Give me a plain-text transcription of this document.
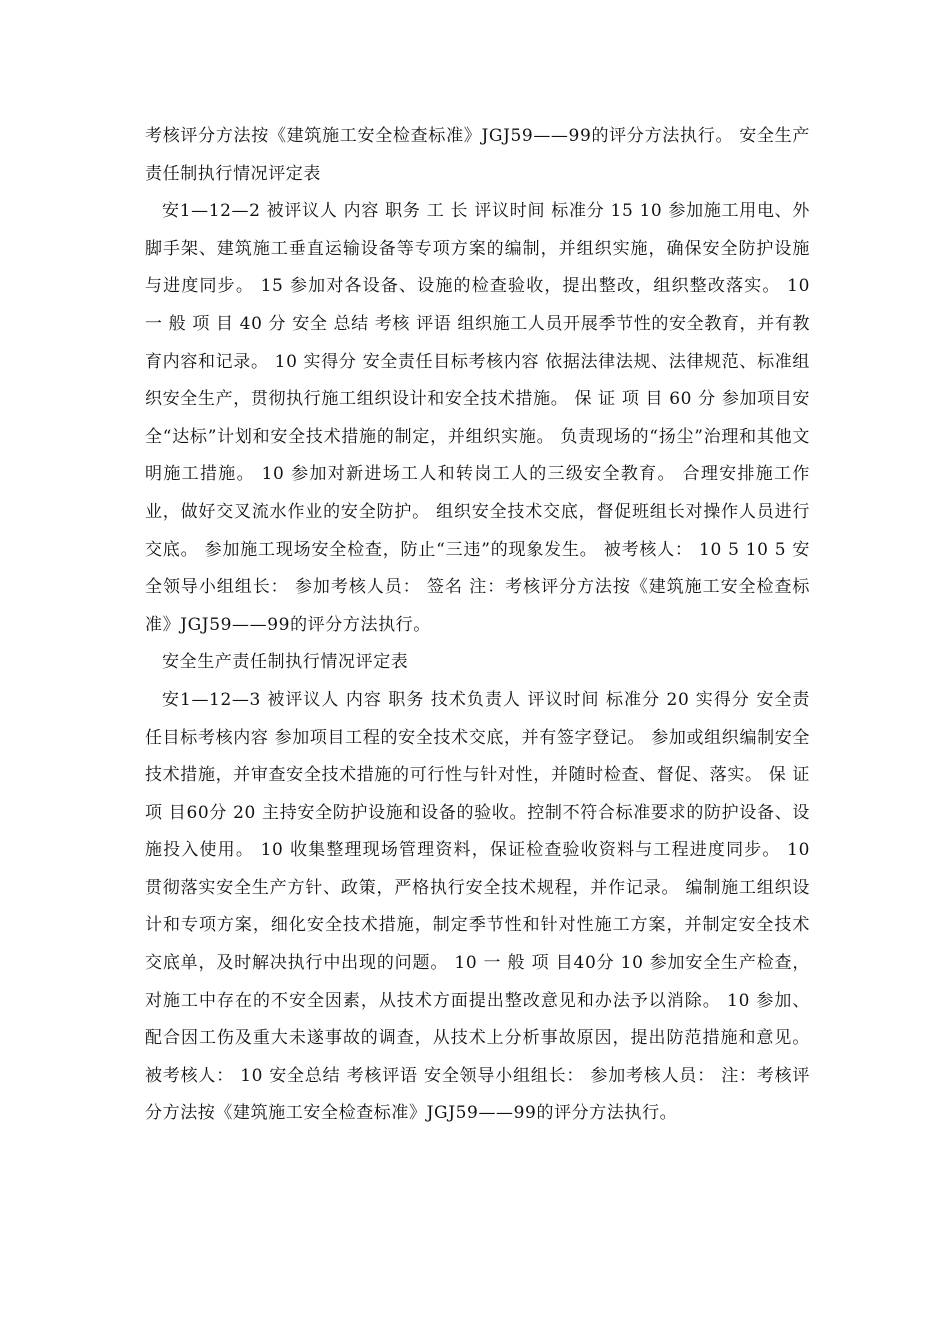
考核评分方法按《建筑施工安全检查标准》JGJ59——99的评分方法执行。 安全生产责任制执行情况评定表

安1—12—2 被评议人 内容 职务 工 长 评议时间 标准分 15 10 参加施工用电、外脚手架、建筑施工垂直运输设备等专项方案的编制，并组织实施，确保安全防护设施与进度同步。 15 参加对各设备、设施的检查验收，提出整改，组织整改落实。 10 一 般 项 目 40 分 安全 总结 考核 评语 组织施工人员开展季节性的安全教育，并有教育内容和记录。 10 实得分 安全责任目标考核内容 依据法律法规、法律规范、标准组织安全生产，贯彻执行施工组织设计和安全技术措施。 保 证 项 目 60 分 参加项目安全“达标”计划和安全技术措施的制定，并组织实施。 负责现场的“扬尘”治理和其他文明施工措施。 10 参加对新进场工人和转岗工人的三级安全教育。 合理安排施工作业，做好交叉流水作业的安全防护。 组织安全技术交底，督促班组长对操作人员进行交底。 参加施工现场安全检查，防止“三违”的现象发生。 被考核人： 10 5 10 5 安全领导小组组长： 参加考核人员： 签名 注：考核评分方法按《建筑施工安全检查标准》JGJ59——99的评分方法执行。

安全生产责任制执行情况评定表

安1—12—3 被评议人 内容 职务 技术负责人 评议时间 标准分 20 实得分 安全责任目标考核内容 参加项目工程的安全技术交底，并有签字登记。 参加或组织编制安全技术措施，并审查安全技术措施的可行性与针对性，并随时检查、督促、落实。 保 证 项 目60分 20 主持安全防护设施和设备的验收。控制不符合标准要求的防护设备、设施投入使用。 10 收集整理现场管理资料，保证检查验收资料与工程进度同步。 10 贯彻落实安全生产方针、政策，严格执行安全技术规程，并作记录。 编制施工组织设计和专项方案，细化安全技术措施，制定季节性和针对性施工方案，并制定安全技术交底单，及时解决执行中出现的问题。 10 一 般 项 目40分 10 参加安全生产检查，对施工中存在的不安全因素，从技术方面提出整改意见和办法予以消除。 10 参加、配合因工伤及重大未遂事故的调查，从技术上分析事故原因，提出防范措施和意见。 被考核人： 10 安全总结 考核评语 安全领导小组组长： 参加考核人员： 注：考核评分方法按《建筑施工安全检查标准》JGJ59——99的评分方法执行。
